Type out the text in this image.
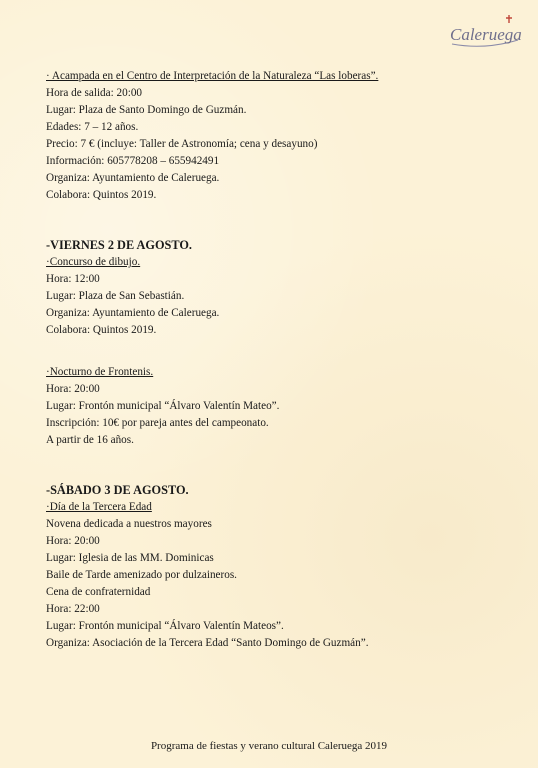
Caleruega

· Acampada en el Centro de Interpretación de la Naturaleza “Las loberas”.

Hora de salida: 20:00

Lugar: Plaza de Santo Domingo de Guzmán.

Edades: 7 – 12 años.

Precio: 7 € (incluye: Taller de Astronomía; cena y desayuno)

Información: 605778208 – 655942491

Organiza: Ayuntamiento de Caleruega.

Colabora: Quintos 2019.

-VIERNES 2 DE AGOSTO.

·Concurso de dibujo.

Hora: 12:00

Lugar: Plaza de San Sebastián.

Organiza: Ayuntamiento de Caleruega.

Colabora: Quintos 2019.

·Nocturno de Frontenis.

Hora: 20:00

Lugar: Frontón municipal “Álvaro Valentín Mateo”.

Inscripción: 10€ por pareja antes del campeonato.

A partir de 16 años.

-SÁBADO 3 DE AGOSTO.

·Día de la Tercera Edad

Novena dedicada a nuestros mayores

Hora: 20:00

Lugar: Iglesia de las MM. Dominicas

Baile de Tarde amenizado por dulzaineros.

Cena de confraternidad

Hora: 22:00

Lugar: Frontón municipal “Álvaro Valentín Mateos”.

Organiza: Asociación de la Tercera Edad “Santo Domingo de Guzmán”.

Programa de fiestas y verano cultural Caleruega 2019
